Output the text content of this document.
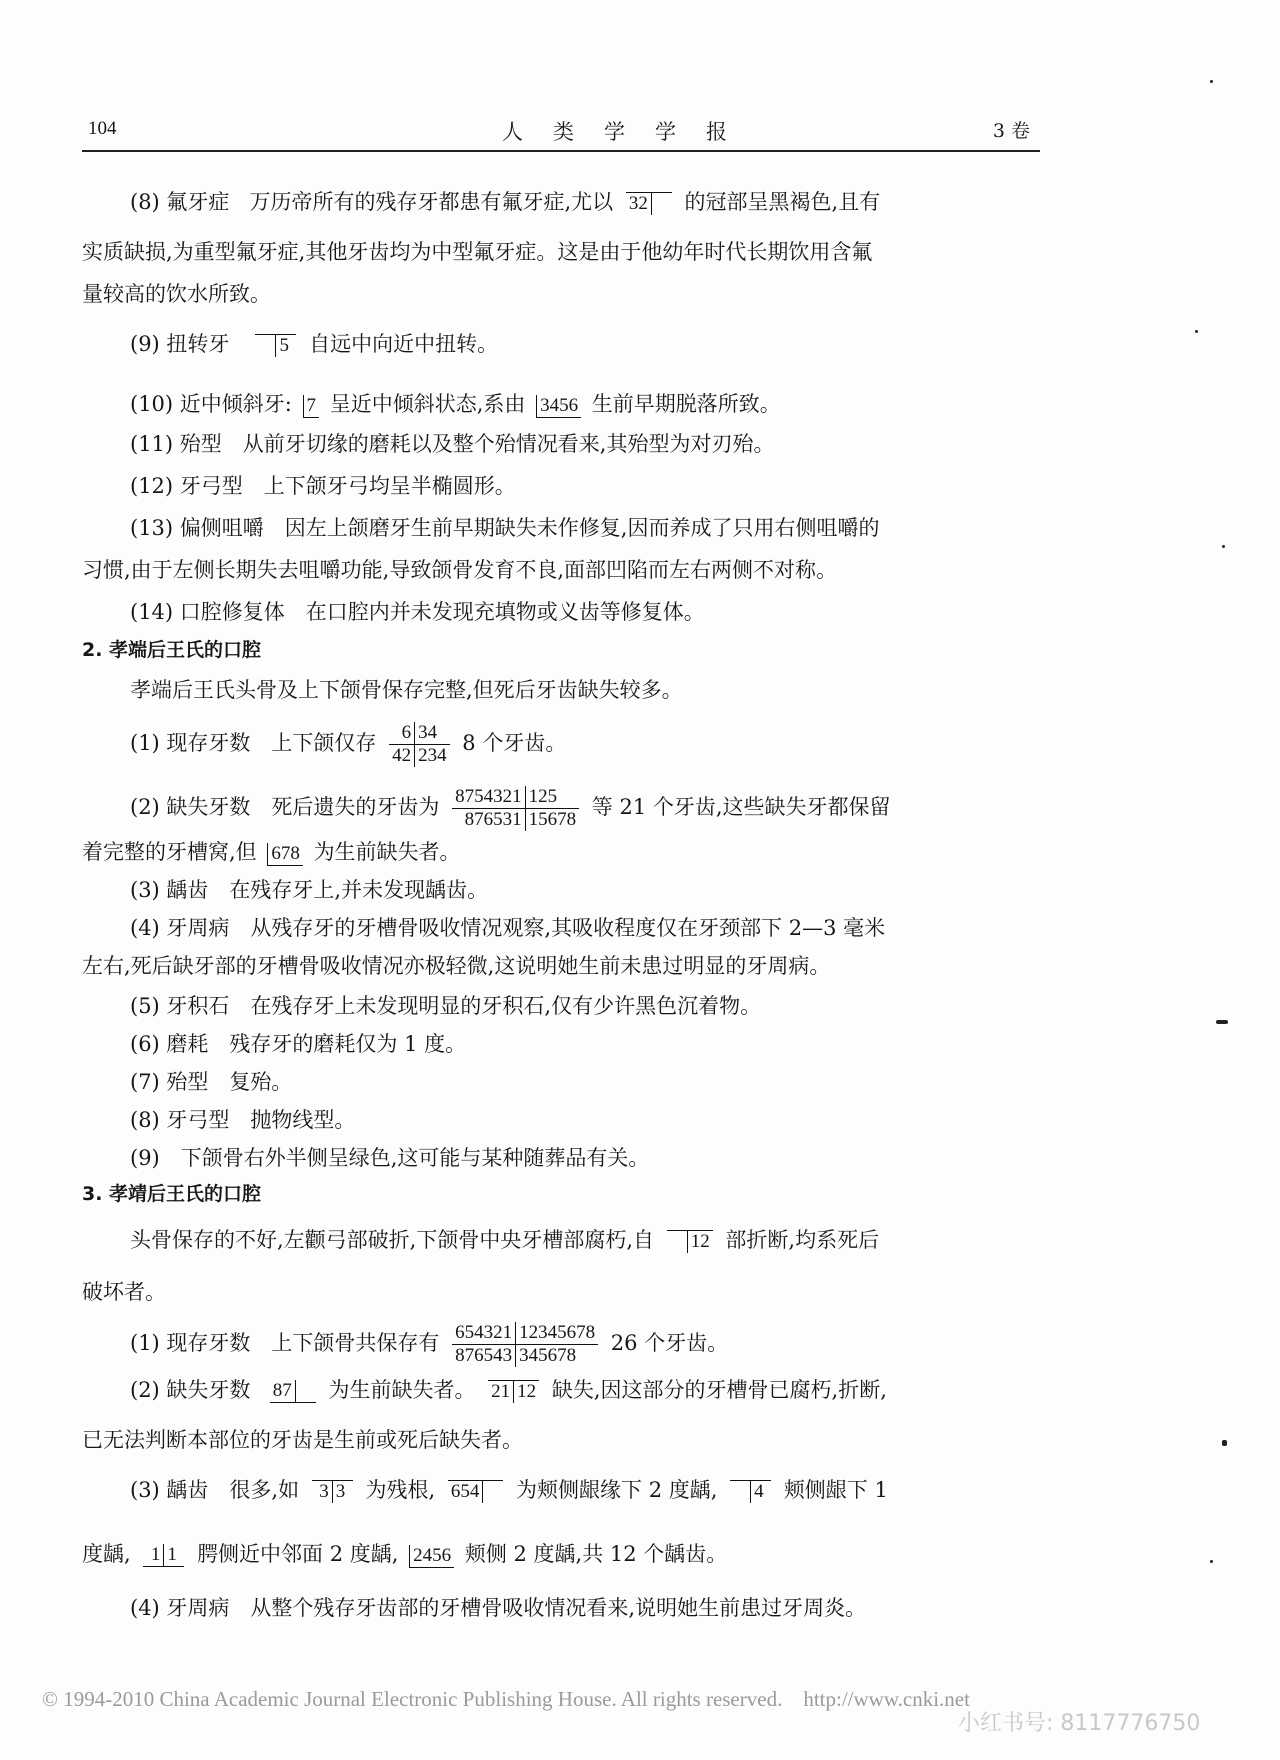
104	人类学学报	3 卷
(8) 氟牙症 万历帝所有的残存牙都患有氟牙症,尤以 32 的冠部呈黑褐色,且有
实质缺损,为重型氟牙症,其他牙齿均为中型氟牙症。这是由于他幼年时代长期饮用含氟
量较高的饮水所致。
(9) 扭转牙	5 自远中向近中扭转。
(10) 近中倾斜牙: 7 呈近中倾斜状态,系由 3456 生前早期脱落所致。
(11) 殆型　从前牙切缘的磨耗以及整个殆情况看来,其殆型为对刃殆。
(12) 牙弓型　上下颌牙弓均呈半椭圆形。
(13) 偏侧咀嚼　因左上颌磨牙生前早期缺失未作修复,因而养成了只用右侧咀嚼的
习惯,由于左侧长期失去咀嚼功能,导致颌骨发育不良,面部凹陷而左右两侧不对称。
(14) 口腔修复体　在口腔内并未发现充填物或义齿等修复体。
2. 孝端后王氏的口腔
孝端后王氏头骨及上下颌骨保存完整,但死后牙齿缺失较多。
(1) 现存牙数　上下颌仅存	6 34
42 234
8 个牙齿。
(2) 缺失牙数　死后遗失的牙齿为 8754321 125
876531 15678
等 21 个牙齿,这些缺失牙都保留
着完整的牙槽窝,但 678 为生前缺失者。
(3) 龋齿　在残存牙上,并未发现龋齿。
(4) 牙周病　从残存牙的牙槽骨吸收情况观察,其吸收程度仅在牙颈部下 2—3 毫米
左右,死后缺牙部的牙槽骨吸收情况亦极轻微,这说明她生前未患过明显的牙周病。
(5) 牙积石　在残存牙上未发现明显的牙积石,仅有少许黑色沉着物。
(6) 磨耗　残存牙的磨耗仅为 1 度。
(7) 殆型　复殆。
(8) 牙弓型　抛物线型。
(9)　下颌骨右外半侧呈绿色,这可能与某种随葬品有关。
3. 孝靖后王氏的口腔
头骨保存的不好,左颧弓部破折,下颌骨中央牙槽部腐朽,自 12 部折断,均系死后
破坏者。
(1) 现存牙数　上下颌骨共保存有 654321 12345678
876543 345678
26 个牙齿。
(2) 缺失牙数 87 为生前缺失者。 21 12 缺失,因这部分的牙槽骨已腐朽,折断,
已无法判断本部位的牙齿是生前或死后缺失者。
(3) 龋齿　很多,如	3 3 为残根, 654 为颊侧龈缘下 2 度龋, 4 颊侧龈下 1
度龋,	1 1 腭侧近中邻面 2 度龋, 2456 颊侧 2 度龋,共 12 个龋齿。
(4) 牙周病　从整个残存牙齿部的牙槽骨吸收情况看来,说明她生前患过牙周炎。
© 1994-2010 China Academic Journal Electronic Publishing House. All rights reserved.　http://www.cnki.net
小红书号: 8117776750
